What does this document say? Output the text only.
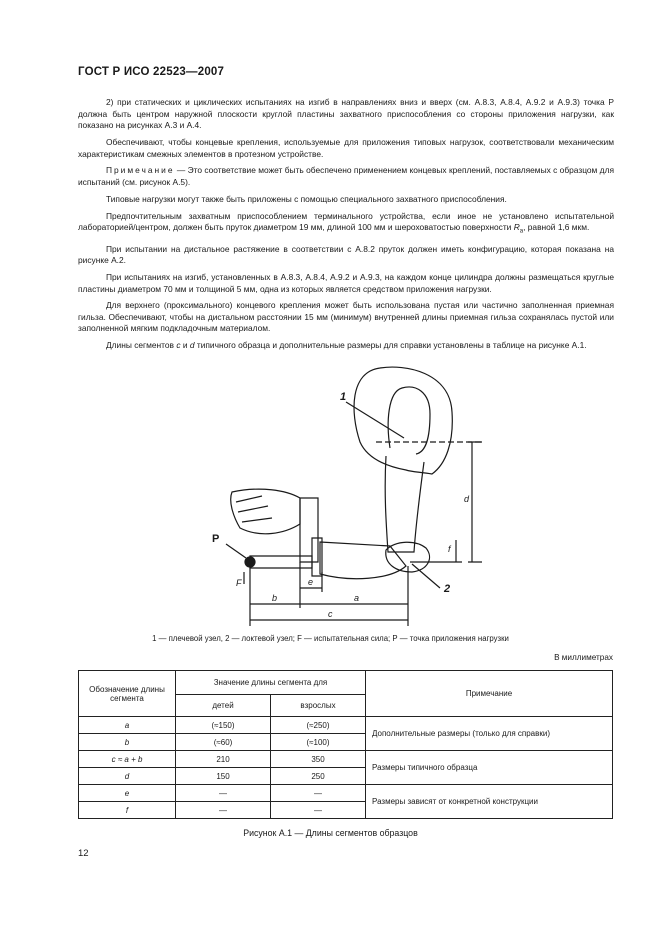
ГОСТ Р ИСО 22523—2007

2) при статических и циклических испытаниях на изгиб в направлениях вниз и вверх (см. А.8.3, А.8.4, А.9.2 и А.9.3) точка Р должна быть центром наружной плоскости круглой пластины захватного приспособления со стороны приложения нагрузки, как показано на рисунках А.3 и А.4.

Обеспечивают, чтобы концевые крепления, используемые для приложения типовых нагрузок, соответствовали механическим характеристикам смежных элементов в протезном устройстве.

Примечание — Это соответствие может быть обеспечено применением концевых креплений, поставляемых с образцом для испытаний (см. рисунок А.5).

Типовые нагрузки могут также быть приложены с помощью специального захватного приспособления.

Предпочтительным захватным приспособлением терминального устройства, если иное не установлено испытательной лабораторией/центром, должен быть пруток диаметром 19 мм, длиной 100 мм и шероховатостью поверхности $R_a$, равной 1,6 мкм.

При испытании на дистальное растяжение в соответствии с А.8.2 пруток должен иметь конфигурацию, которая показана на рисунке А.2.

При испытаниях на изгиб, установленных в А.8.3, А.8.4, А.9.2 и А.9.3, на каждом конце цилиндра должны размещаться круглые пластины диаметром 70 мм и толщиной 5 мм, одна из которых является средством приложения нагрузки.

Для верхнего (проксимального) концевого крепления может быть использована пустая или частично заполненная приемная гильза. Обеспечивают, чтобы на дистальном расстоянии 15 мм (минимум) внутренней длины приемная гильза сохранялась пустой или заполненной мягким подкладочным материалом.

Длины сегментов c и d типичного образца и дополнительные размеры для справки установлены в таблице на рисунке А.1.

1
2
P
F
d
f
b	a
e
c
1 — плечевой узел, 2 — локтевой узел; F — испытательная сила; Р — точка приложения нагрузки
В миллиметрах
Обозначение длины сегмента	Значение длины сегмента для		Примечание
	детей	взрослых	
a	(≈150)	(≈250)	Дополнительные размеры (только для справки)
b	(≈60)	(≈100)	
c ≈ a + b	210	350	Размеры типичного образца
d	150	250	
e	—	—	Размеры зависят от конкретной конструкции
f	—	—	
Рисунок А.1 — Длины сегментов образцов
12
